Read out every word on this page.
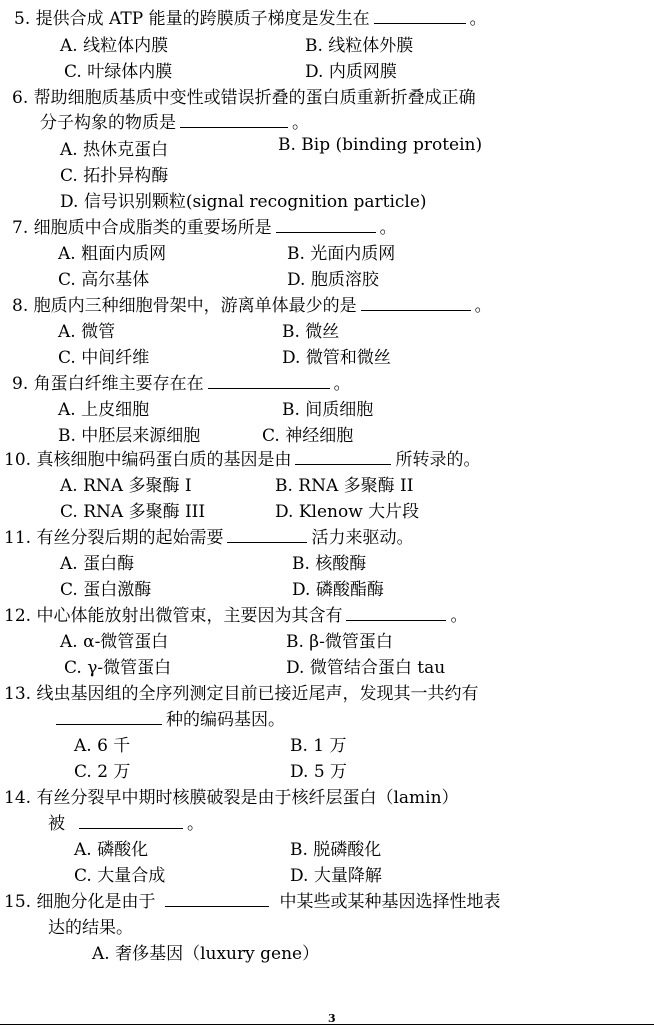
5. 提供合成 ATP 能量的跨膜质子梯度是发生在	。
A. 线粒体内膜	B. 线粒体外膜
C. 叶绿体内膜	D. 内质网膜
6. 帮助细胞质基质中变性或错误折叠的蛋白质重新折叠成正确
分子构象的物质是	。
A. 热休克蛋白	B. Bip (binding protein)
C. 拓扑异构酶
D. 信号识别颗粒(signal recognition particle)
7. 细胞质中合成脂类的重要场所是	。
A. 粗面内质网	B. 光面内质网
C. 高尔基体	D. 胞质溶胶
8. 胞质内三种细胞骨架中，游离单体最少的是	。
A. 微管	B. 微丝
C. 中间纤维	D. 微管和微丝
9. 角蛋白纤维主要存在在	。
A. 上皮细胞	B. 间质细胞
B. 中胚层来源细胞	C. 神经细胞
10. 真核细胞中编码蛋白质的基因是由	所转录的。
A. RNA 多聚酶 I	B. RNA 多聚酶 II
C. RNA 多聚酶 III	D. Klenow 大片段
11. 有丝分裂后期的起始需要	活力来驱动。
A. 蛋白酶	B. 核酸酶
C. 蛋白激酶	D. 磷酸酯酶
12. 中心体能放射出微管束，主要因为其含有	。
A. α-微管蛋白	B. β-微管蛋白
C. γ-微管蛋白	D. 微管结合蛋白 tau
13. 线虫基因组的全序列测定目前已接近尾声，发现其一共约有
种的编码基因。
A. 6 千	B. 1 万
C. 2 万	D. 5 万
14. 有丝分裂早中期时核膜破裂是由于核纤层蛋白（lamin）
被	。
A. 磷酸化	B. 脱磷酸化
C. 大量合成	D. 大量降解
15. 细胞分化是由于	中某些或某种基因选择性地表
达的结果。
A. 奢侈基因（luxury gene）
3
